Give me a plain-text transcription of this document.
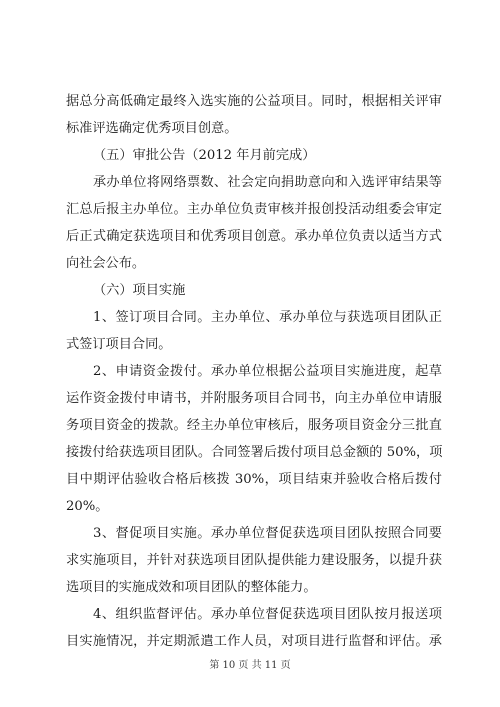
据总分高低确定最终入选实施的公益项目。同时，根据相关评审
标准评选确定优秀项目创意。
（五）审批公告（2012 年月前完成）
承办单位将网络票数、社会定向捐助意向和入选评审结果等
汇总后报主办单位。主办单位负责审核并报创投活动组委会审定
后正式确定获选项目和优秀项目创意。承办单位负责以适当方式
向社会公布。
（六）项目实施
1、签订项目合同。主办单位、承办单位与获选项目团队正
式签订项目合同。
2、申请资金拨付。承办单位根据公益项目实施进度，起草
运作资金拨付申请书，并附服务项目合同书，向主办单位申请服
务项目资金的拨款。经主办单位审核后，服务项目资金分三批直
接拨付给获选项目团队。合同签署后拨付项目总金额的 50%，项
目中期评估验收合格后核拨 30%，项目结束并验收合格后拨付
20%。
3、督促项目实施。承办单位督促获选项目团队按照合同要
求实施项目，并针对获选项目团队提供能力建设服务，以提升获
选项目的实施成效和项目团队的整体能力。
4、组织监督评估。承办单位督促获选项目团队按月报送项
目实施情况，并定期派遣工作人员，对项目进行监督和评估。承
第 10 页 共 11 页
